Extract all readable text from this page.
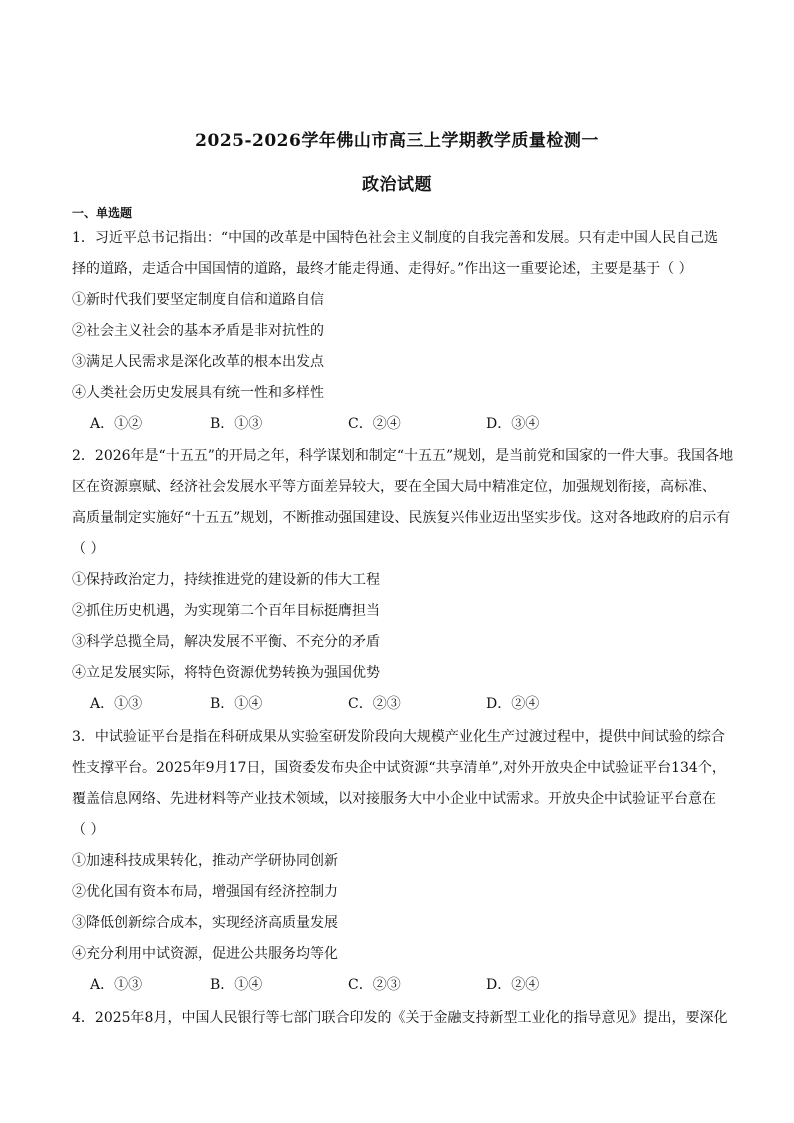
2025-2026学年佛山市高三上学期教学质量检测一
政治试题
一、单选题
1．习近平总书记指出：“中国的改革是中国特色社会主义制度的自我完善和发展。只有走中国人民自己选
择的道路，走适合中国国情的道路，最终才能走得通、走得好。”作出这一重要论述，主要是基于（ ）
①新时代我们要坚定制度自信和道路自信
②社会主义社会的基本矛盾是非对抗性的
③满足人民需求是深化改革的根本出发点
④人类社会历史发展具有统一性和多样性
A．①②	B．①③	C．②④	D．③④
2．2026年是“十五五”的开局之年，科学谋划和制定“十五五”规划，是当前党和国家的一件大事。我国各地
区在资源禀赋、经济社会发展水平等方面差异较大，要在全国大局中精准定位，加强规划衔接，高标准、
高质量制定实施好“十五五”规划，不断推动强国建设、民族复兴伟业迈出坚实步伐。这对各地政府的启示有
（ ）
①保持政治定力，持续推进党的建设新的伟大工程
②抓住历史机遇，为实现第二个百年目标挺膺担当
③科学总揽全局，解决发展不平衡、不充分的矛盾
④立足发展实际，将特色资源优势转换为强国优势
A．①③	B．①④	C．②③	D．②④
3．中试验证平台是指在科研成果从实验室研发阶段向大规模产业化生产过渡过程中，提供中间试验的综合
性支撑平台。2025年9月17日，国资委发布央企中试资源“共享清单”,对外开放央企中试验证平台134个，
覆盖信息网络、先进材料等产业技术领域，以对接服务大中小企业中试需求。开放央企中试验证平台意在
（ ）
①加速科技成果转化，推动产学研协同创新
②优化国有资本布局，增强国有经济控制力
③降低创新综合成本，实现经济高质量发展
④充分利用中试资源，促进公共服务均等化
A．①③	B．①④	C．②③	D．②④
4．2025年8月，中国人民银行等七部门联合印发的《关于金融支持新型工业化的指导意见》提出，要深化
